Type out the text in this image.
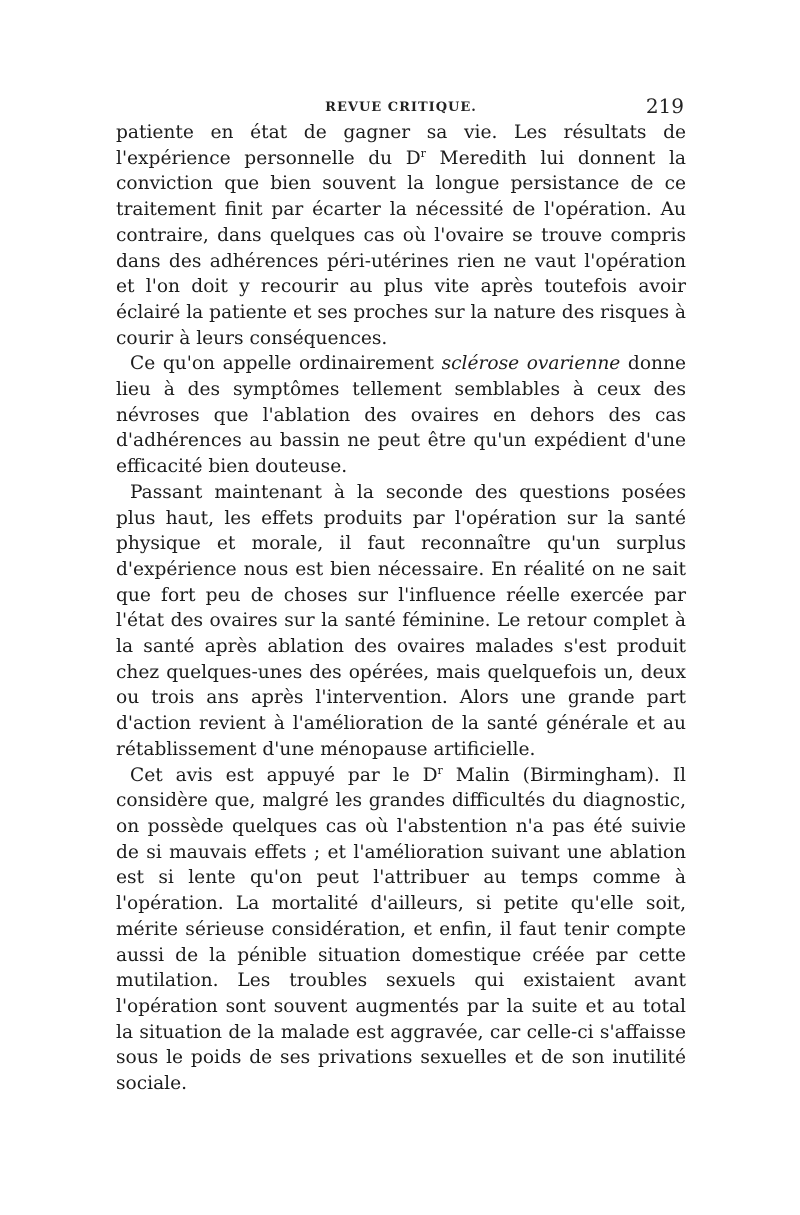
REVUE CRITIQUE.	219

patiente en état de gagner sa vie. Les résultats de l'expérience personnelle du $D^r$ Meredith lui donnent la conviction que bien souvent la longue persistance de ce traitement finit par écarter la nécessité de l'opération. Au contraire, dans quelques cas où l'ovaire se trouve compris dans des adhérences péri-utérines rien ne vaut l'opération et l'on doit y recourir au plus vite après toutefois avoir éclairé la patiente et ses proches sur la nature des risques à courir à leurs conséquences.

Ce qu'on appelle ordinairement sclérose ovarienne donne lieu à des symptômes tellement semblables à ceux des névroses que l'ablation des ovaires en dehors des cas d'adhérences au bassin ne peut être qu'un expédient d'une efficacité bien douteuse.

Passant maintenant à la seconde des questions posées plus haut, les effets produits par l'opération sur la santé physique et morale, il faut reconnaître qu'un surplus d'expérience nous est bien nécessaire. En réalité on ne sait que fort peu de choses sur l'influence réelle exercée par l'état des ovaires sur la santé féminine. Le retour complet à la santé après ablation des ovaires malades s'est produit chez quelques-unes des opérées, mais quelquefois un, deux ou trois ans après l'intervention. Alors une grande part d'action revient à l'amélioration de la santé générale et au rétablissement d'une ménopause artificielle.

Cet avis est appuyé par le $D^r$ Malin (Birmingham). Il considère que, malgré les grandes difficultés du diagnostic, on possède quelques cas où l'abstention n'a pas été suivie de si mauvais effets ; et l'amélioration suivant une ablation est si lente qu'on peut l'attribuer au temps comme à l'opération. La mortalité d'ailleurs, si petite qu'elle soit, mérite sérieuse considération, et enfin, il faut tenir compte aussi de la pénible situation domestique créée par cette mutilation. Les troubles sexuels qui existaient avant l'opération sont souvent augmentés par la suite et au total la situation de la malade est aggravée, car celle-ci s'affaisse sous le poids de ses privations sexuelles et de son inutilité sociale.
